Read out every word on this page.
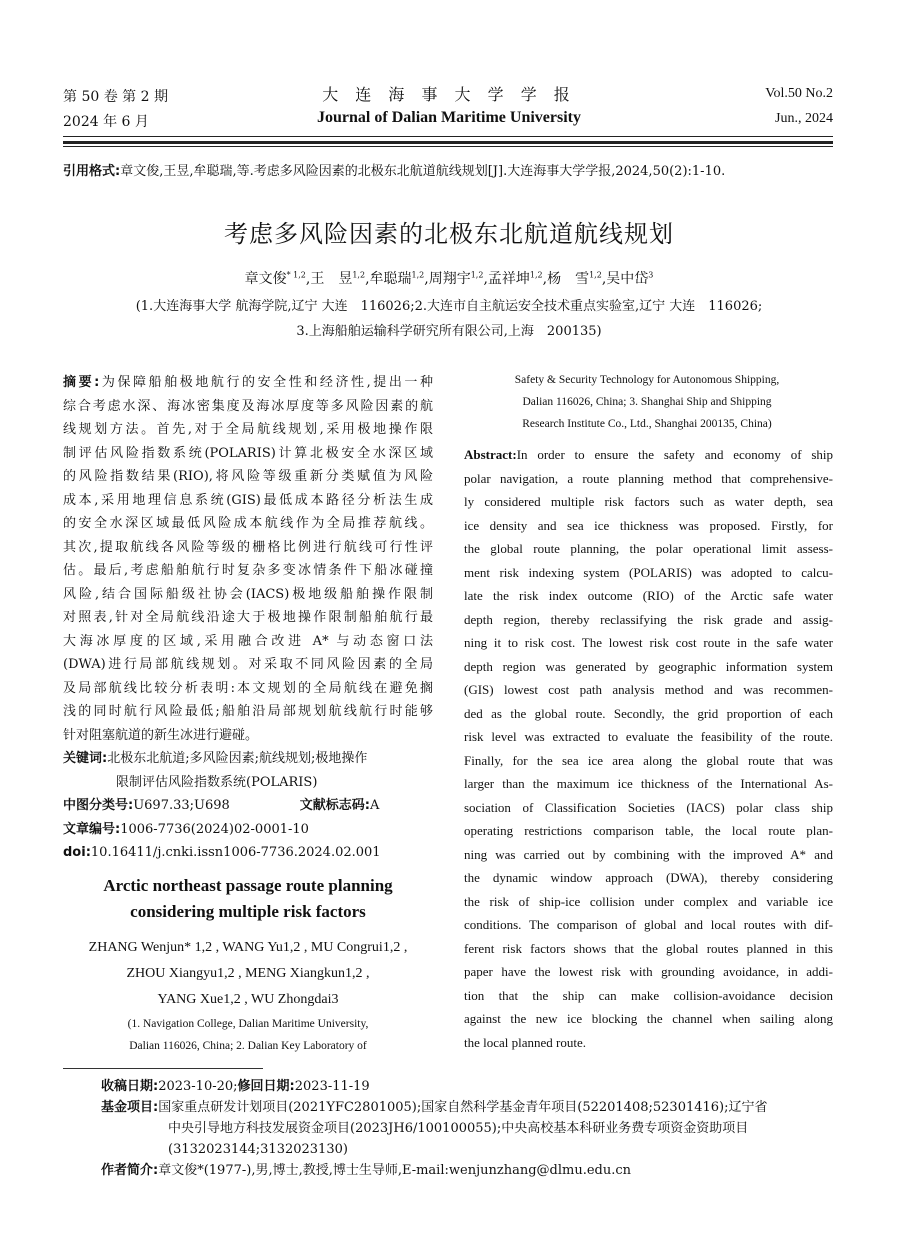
第 50 卷 第 2 期
2024 年 6 月
大 连 海 事 大 学 学 报
Journal of Dalian Maritime University
Vol.50 No.2
Jun., 2024
引用格式:章文俊,王昱,牟聪瑞,等.考虑多风险因素的北极东北航道航线规划[J].大连海事大学学报,2024,50(2):1-10.
考虑多风险因素的北极东北航道航线规划
章文俊$^{* 1,2}$,王　昱$^{1,2}$,牟聪瑞$^{1,2}$,周翔宇$^{1,2}$,孟祥坤$^{1,2}$,杨　雪$^{1,2}$,吴中岱$^3$
(1.大连海事大学 航海学院,辽宁 大连　116026;2.大连市自主航运安全技术重点实验室,辽宁 大连　116026;
3.上海船舶运输科学研究所有限公司,上海　200135)
摘要:为保障船舶极地航行的安全性和经济性,提出一种
综合考虑水深、海冰密集度及海冰厚度等多风险因素的航
线规划方法。首先,对于全局航线规划,采用极地操作限
制评估风险指数系统(POLARIS)计算北极安全水深区域
的风险指数结果(RIO),将风险等级重新分类赋值为风险
成本,采用地理信息系统(GIS)最低成本路径分析法生成
的安全水深区域最低风险成本航线作为全局推荐航线。
其次,提取航线各风险等级的栅格比例进行航线可行性评
估。最后,考虑船舶航行时复杂多变冰情条件下船冰碰撞
风险,结合国际船级社协会(IACS)极地级船舶操作限制
对照表,针对全局航线沿途大于极地操作限制船舶航行最
大海冰厚度的区域,采用融合改进 A* 与动态窗口法
(DWA)进行局部航线规划。对采取不同风险因素的全局
及局部航线比较分析表明:本文规划的全局航线在避免搁
浅的同时航行风险最低;船舶沿局部规划航线航行时能够
针对阻塞航道的新生冰进行避碰。
关键词:北极东北航道;多风险因素;航线规划;极地操作
限制评估风险指数系统(POLARIS)
中图分类号:U697.33;U698	文献标志码:A
文章编号:1006-7736(2024)02-0001-10
doi:10.16411/j.cnki.issn1006-7736.2024.02.001
Arctic northeast passage route planning
considering multiple risk factors
ZHANG Wenjun* 1,2 , WANG Yu1,2 , MU Congrui1,2 ,
ZHOU Xiangyu1,2 , MENG Xiangkun1,2 ,
YANG Xue1,2 , WU Zhongdai3
(1. Navigation College, Dalian Maritime University,
Dalian 116026, China; 2. Dalian Key Laboratory of
Safety & Security Technology for Autonomous Shipping,
Dalian 116026, China; 3. Shanghai Ship and Shipping
Research Institute Co., Ltd., Shanghai 200135, China)
Abstract:In order to ensure the safety and economy of ship
polar navigation, a route planning method that comprehensive-
ly considered multiple risk factors such as water depth, sea
ice density and sea ice thickness was proposed. Firstly, for
the global route planning, the polar operational limit assess-
ment risk indexing system (POLARIS) was adopted to calcu-
late the risk index outcome (RIO) of the Arctic safe water
depth region, thereby reclassifying the risk grade and assig-
ning it to risk cost. The lowest risk cost route in the safe water
depth region was generated by geographic information system
(GIS) lowest cost path analysis method and was recommen-
ded as the global route. Secondly, the grid proportion of each
risk level was extracted to evaluate the feasibility of the route.
Finally, for the sea ice area along the global route that was
larger than the maximum ice thickness of the International As-
sociation of Classification Societies (IACS) polar class ship
operating restrictions comparison table, the local route plan-
ning was carried out by combining with the improved A* and
the dynamic window approach (DWA), thereby considering
the risk of ship-ice collision under complex and variable ice
conditions. The comparison of global and local routes with dif-
ferent risk factors shows that the global routes planned in this
paper have the lowest risk with grounding avoidance, in addi-
tion that the ship can make collision-avoidance decision
against the new ice blocking the channel when sailing along
the local planned route.
收稿日期:2023-10-20;修回日期:2023-11-19
基金项目:国家重点研发计划项目(2021YFC2801005);国家自然科学基金青年项目(52201408;52301416);辽宁省
中央引导地方科技发展资金项目(2023JH6/100100055);中央高校基本科研业务费专项资金资助项目
(3132023144;3132023130)
作者简介:章文俊*(1977-),男,博士,教授,博士生导师,E-mail:wenjunzhang@dlmu.edu.cn
